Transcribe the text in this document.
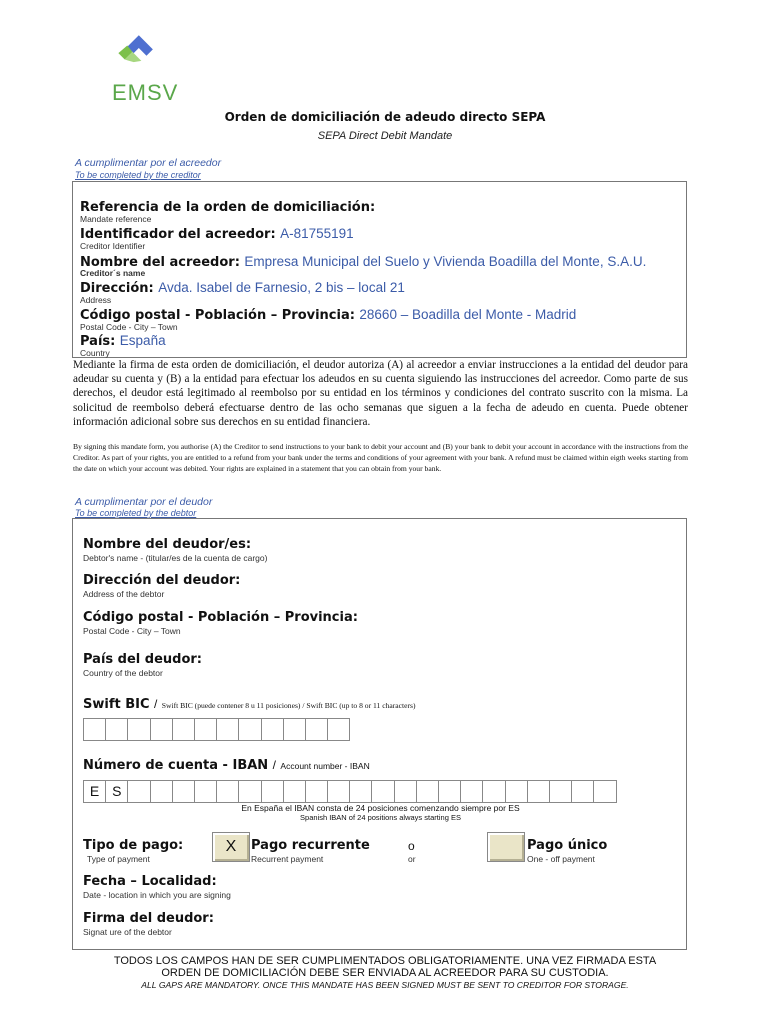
EMSV
Orden de domiciliación de adeudo directo SEPA
SEPA Direct Debit Mandate
A cumplimentar por el acreedor
To be completed by the creditor
Referencia de la orden de domiciliación:
Mandate reference
Identificador del acreedor: A-81755191
Creditor Identifier
Nombre del acreedor: Empresa Municipal del Suelo y Vivienda Boadilla del Monte, S.A.U.
Creditor´s name
Dirección: Avda. Isabel de Farnesio, 2 bis – local 21
Address
Código postal - Población – Provincia: 28660 – Boadilla del Monte - Madrid
Postal Code - City – Town
País: España
Country
Mediante la firma de esta orden de domiciliación, el deudor autoriza (A) al acreedor a enviar instrucciones a la entidad del deudor para adeudar su cuenta y (B) a la entidad para efectuar los adeudos en su cuenta siguiendo las instrucciones del acreedor. Como parte de sus derechos, el deudor está legitimado al reembolso por su entidad en los términos y condiciones del contrato suscrito con la misma. La solicitud de reembolso deberá efectuarse dentro de las ocho semanas que siguen a la fecha de adeudo en cuenta. Puede obtener información adicional sobre sus derechos en su entidad financiera.
By signing this mandate form, you authorise (A) the Creditor to send instructions to your bank to debit your account and (B) your bank to debit your account in accordance with the instructions from the Creditor. As part of your rights, you are entitled to a refund from your bank under the terms and conditions of your agreement with your bank. A refund must be claimed within eigth weeks starting from the date on which your account was debited. Your rights are explained in a statement that you can obtain from your bank.
A cumplimentar por el deudor
To be completed by the debtor
Nombre del deudor/es:
Debtor's name - (titular/es de la cuenta de cargo)
Dirección del deudor:
Address of the debtor
Código postal - Población – Provincia:
Postal Code - City – Town
País del deudor:
Country of the debtor
Swift BIC / Swift BIC (puede contener 8 u 11 posiciones) / Swift BIC (up to 8 or 11 characters)
Número de cuenta - IBAN / Account number - IBAN
E S
En España el IBAN consta de 24 posiciones comenzando siempre por ES
Spanish IBAN of 24 positions always starting ES
Tipo de pago:
Type of payment
X	Pago recurrente
Recurrent payment
o
or
Pago único
One - off payment
Fecha – Localidad:
Date - location in which you are signing
Firma del deudor:
Signat ure of the debtor
TODOS LOS CAMPOS HAN DE SER CUMPLIMENTADOS OBLIGATORIAMENTE. UNA VEZ FIRMADA ESTA
ORDEN DE DOMICILIACIÓN DEBE SER ENVIADA AL ACREEDOR PARA SU CUSTODIA.
ALL GAPS ARE MANDATORY. ONCE THIS MANDATE HAS BEEN SIGNED MUST BE SENT TO CREDITOR FOR STORAGE.
